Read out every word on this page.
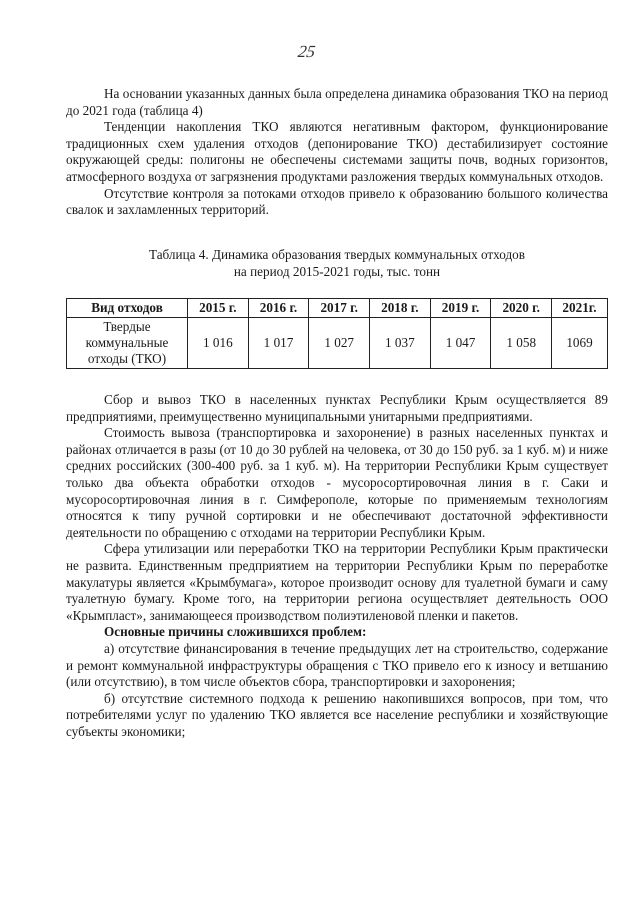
25

На основании указанных данных была определена динамика образования ТКО на период до 2021 года (таблица 4)

Тенденции накопления ТКО являются негативным фактором, функционирование традиционных схем удаления отходов (депонирование ТКО) дестабилизирует состояние окружающей среды: полигоны не обеспечены системами защиты почв, водных горизонтов, атмосферного воздуха от загрязнения продуктами разложения твердых коммунальных отходов.

Отсутствие контроля за потоками отходов привело к образованию большого количества свалок и захламленных территорий.

Таблица 4. Динамика образования твердых коммунальных отходов
на период 2015-2021 годы, тыс. тонн
Вид отходов	2015 г.	2016 г.	2017 г.	2018 г.	2019 г.	2020 г.	2021г.
Твердые коммунальные отходы (ТКО)	1 016	1 017	1 027	1 037	1 047	1 058	1069

Сбор и вывоз ТКО в населенных пунктах Республики Крым осуществляется 89 предприятиями, преимущественно муниципальными унитарными предприятиями.

Стоимость вывоза (транспортировка и захоронение) в разных населенных пунктах и районах отличается в разы (от 10 до 30 рублей на человека, от 30 до 150 руб. за 1 куб. м) и ниже средних российских (300-400 руб. за 1 куб. м). На территории Республики Крым существует только два объекта обработки отходов - мусоросортировочная линия в г. Саки и мусоросортировочная линия в г. Симферополе, которые по применяемым технологиям относятся к типу ручной сортировки и не обеспечивают достаточной эффективности деятельности по обращению с отходами на территории Республики Крым.

Сфера утилизации или переработки ТКО на территории Республики Крым практически не развита. Единственным предприятием на территории Республики Крым по переработке макулатуры является «Крымбумага», которое производит основу для туалетной бумаги и саму туалетную бумагу. Кроме того, на территории региона осуществляет деятельность ООО «Крымпласт», занимающееся производством полиэтиленовой пленки и пакетов.

Основные причины сложившихся проблем:

а) отсутствие финансирования в течение предыдущих лет на строительство, содержание и ремонт коммунальной инфраструктуры обращения с ТКО привело его к износу и ветшанию (или отсутствию), в том числе объектов сбора, транспортировки и захоронения;

б) отсутствие системного подхода к решению накопившихся вопросов, при том, что потребителями услуг по удалению ТКО является все население республики и хозяйствующие субъекты экономики;
